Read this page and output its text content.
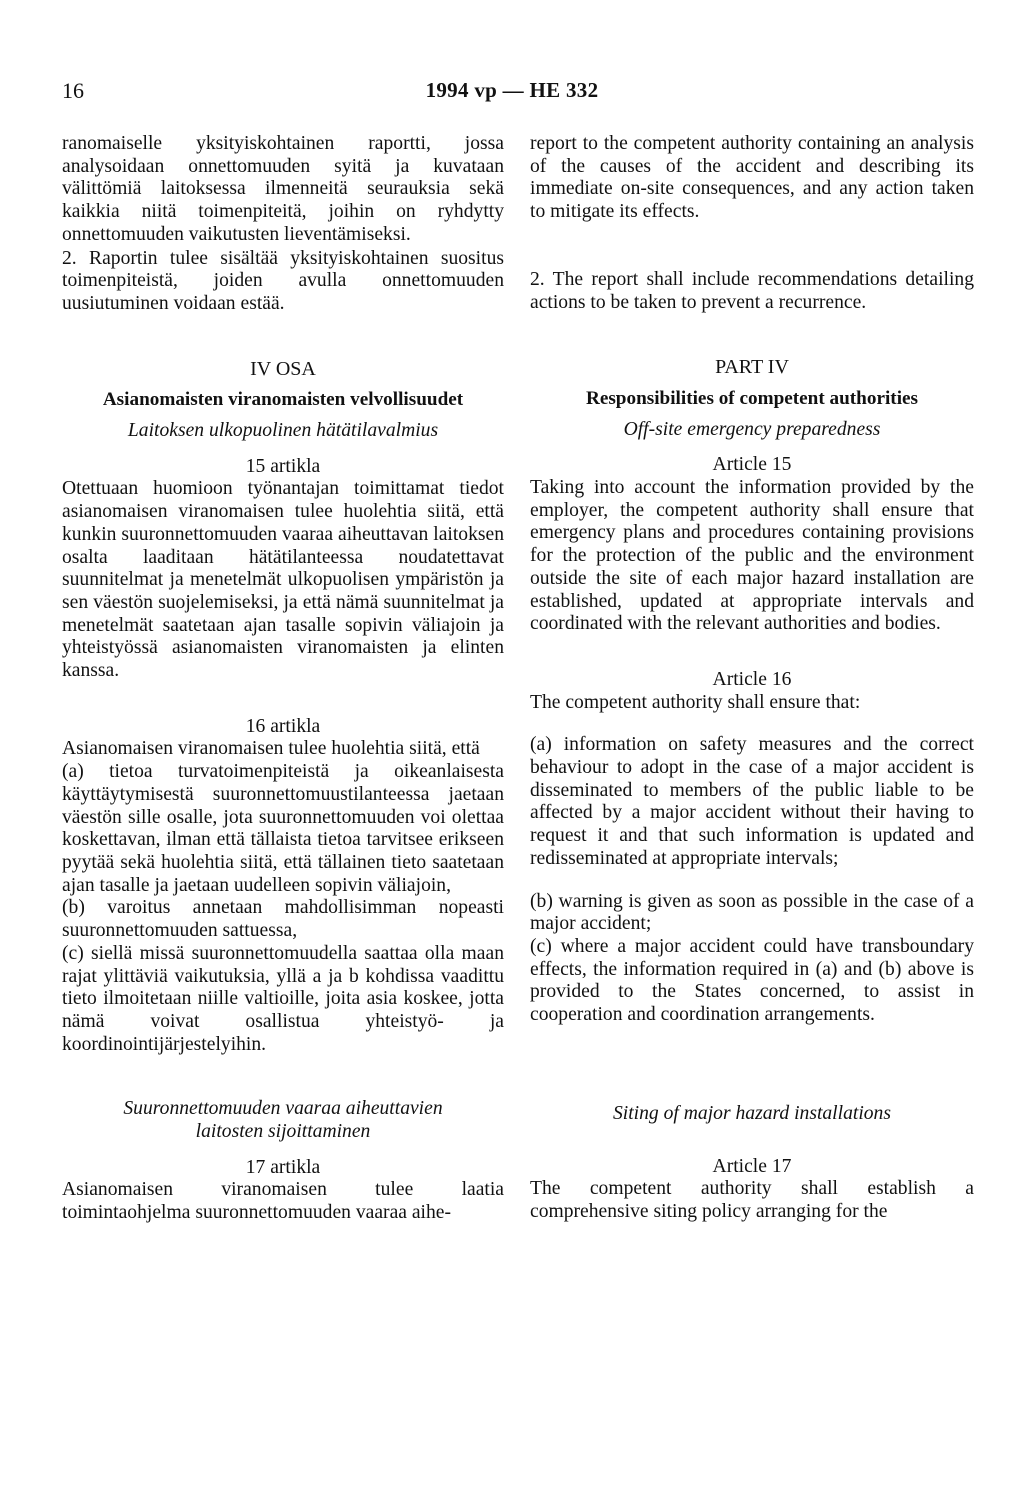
16	1994 vp — HE 332

ranomaiselle yksityiskohtainen raportti, jossa analysoidaan onnettomuuden syitä ja kuvataan välittömiä laitoksessa ilmenneitä seurauksia sekä kaikkia niitä toimenpiteitä, joihin on ryhdytty onnettomuuden vaikutusten lieventämiseksi.

2. Raportin tulee sisältää yksityiskohtainen suositus toimenpiteistä, joiden avulla onnettomuuden uusiutuminen voidaan estää.

IV OSA

Asianomaisten viranomaisten velvollisuudet

Laitoksen ulkopuolinen hätätilavalmius

15 artikla

Otettuaan huomioon työnantajan toimittamat tiedot asianomaisen viranomaisen tulee huolehtia siitä, että kunkin suuronnettomuuden vaaraa aiheuttavan laitoksen osalta laaditaan hätätilanteessa noudatettavat suunnitelmat ja menetelmät ulkopuolisen ympäristön ja sen väestön suojelemiseksi, ja että nämä suunnitelmat ja menetelmät saatetaan ajan tasalle sopivin väliajoin ja yhteistyössä asianomaisten viranomaisten ja elinten kanssa.

16 artikla

Asianomaisen viranomaisen tulee huolehtia siitä, että

(a) tietoa turvatoimenpiteistä ja oikeanlaisesta käyttäytymisestä suuronnettomuustilanteessa jaetaan väestön sille osalle, jota suuronnettomuuden voi olettaa koskettavan, ilman että tällaista tietoa tarvitsee erikseen pyytää sekä huolehtia siitä, että tällainen tieto saatetaan ajan tasalle ja jaetaan uudelleen sopivin väliajoin,

(b) varoitus annetaan mahdollisimman nopeasti suuronnettomuuden sattuessa,

(c) siellä missä suuronnettomuudella saattaa olla maan rajat ylittäviä vaikutuksia, yllä a ja b kohdissa vaadittu tieto ilmoitetaan niille valtioille, joita asia koskee, jotta nämä voivat osallistua yhteistyö- ja koordinointijärjestelyihin.

Suuronnettomuuden vaaraa aiheuttavien laitosten sijoittaminen

17 artikla

Asianomaisen viranomaisen tulee laatia toimintaohjelma suuronnettomuuden vaaraa aihe-

report to the competent authority containing an analysis of the causes of the accident and describing its immediate on-site consequences, and any action taken to mitigate its effects.

2. The report shall include recommendations detailing actions to be taken to prevent a recurrence.

PART IV

Responsibilities of competent authorities

Off-site emergency preparedness

Article 15

Taking into account the information provided by the employer, the competent authority shall ensure that emergency plans and procedures containing provisions for the protection of the public and the environment outside the site of each major hazard installation are established, updated at appropriate intervals and coordinated with the relevant authorities and bodies.

Article 16

The competent authority shall ensure that:

(a) information on safety measures and the correct behaviour to adopt in the case of a major accident is disseminated to members of the public liable to be affected by a major accident without their having to request it and that such information is updated and redisseminated at appropriate intervals;

(b) warning is given as soon as possible in the case of a major accident;

(c) where a major accident could have transboundary effects, the information required in (a) and (b) above is provided to the States concerned, to assist in cooperation and coordination arrangements.

Siting of major hazard installations

Article 17

The competent authority shall establish a comprehensive siting policy arranging for the
